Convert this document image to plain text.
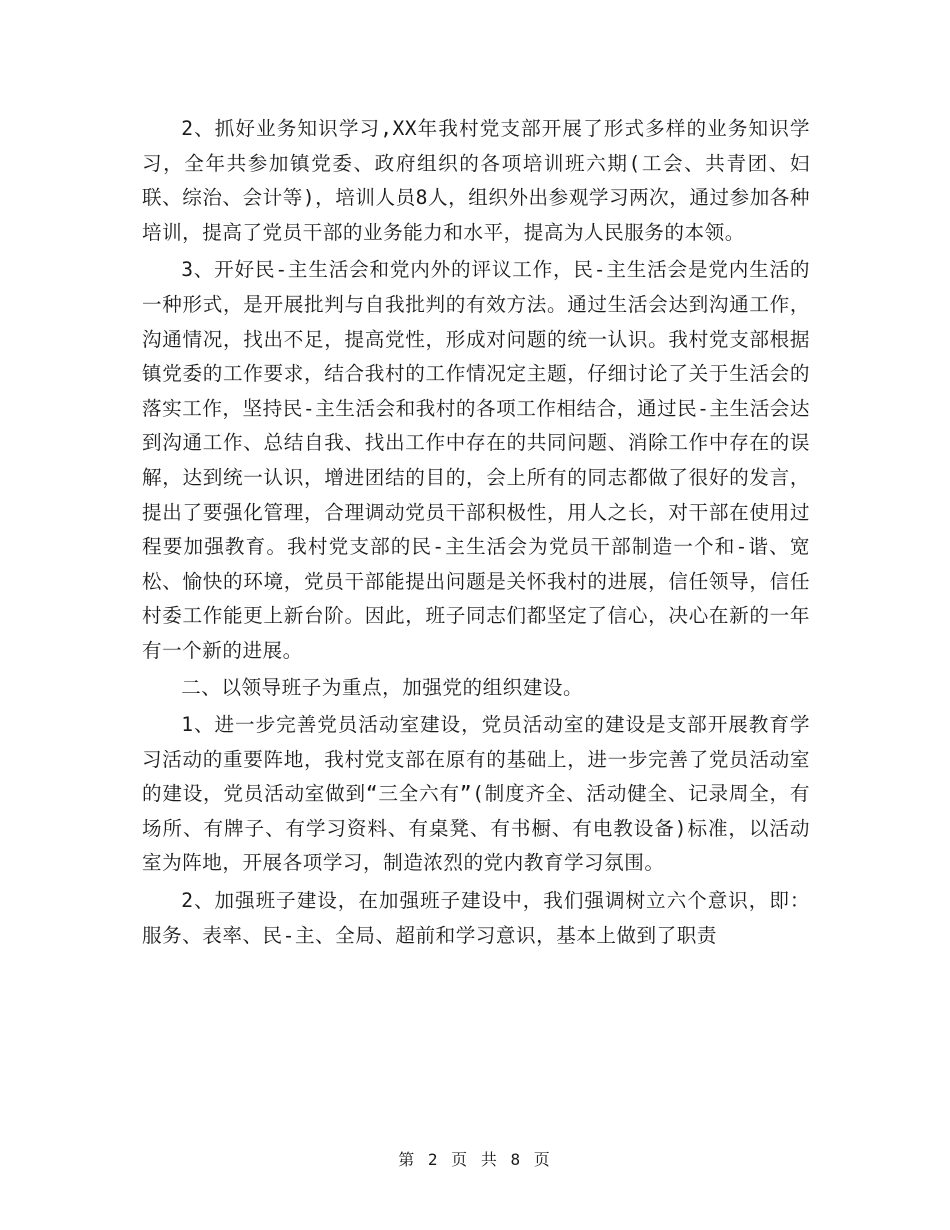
2、抓好业务知识学习,XX年我村党支部开展了形式多样的业务知识学习，全年共参加镇党委、政府组织的各项培训班六期(工会、共青团、妇联、综治、会计等)，培训人员8人，组织外出参观学习两次，通过参加各种培训，提高了党员干部的业务能力和水平，提高为人民服务的本领。

3、开好民-主生活会和党内外的评议工作，民-主生活会是党内生活的一种形式，是开展批判与自我批判的有效方法。通过生活会达到沟通工作，沟通情况，找出不足，提高党性，形成对问题的统一认识。我村党支部根据镇党委的工作要求，结合我村的工作情况定主题，仔细讨论了关于生活会的落实工作，坚持民-主生活会和我村的各项工作相结合，通过民-主生活会达到沟通工作、总结自我、找出工作中存在的共同问题、消除工作中存在的误解，达到统一认识，增进团结的目的，会上所有的同志都做了很好的发言，提出了要强化管理，合理调动党员干部积极性，用人之长，对干部在使用过程要加强教育。我村党支部的民-主生活会为党员干部制造一个和-谐、宽松、愉快的环境，党员干部能提出问题是关怀我村的进展，信任领导，信任村委工作能更上新台阶。因此，班子同志们都坚定了信心，决心在新的一年有一个新的进展。

二、以领导班子为重点，加强党的组织建设。

1、进一步完善党员活动室建设，党员活动室的建设是支部开展教育学习活动的重要阵地，我村党支部在原有的基础上，进一步完善了党员活动室的建设，党员活动室做到“三全六有”(制度齐全、活动健全、记录周全，有场所、有牌子、有学习资料、有桌凳、有书橱、有电教设备)标准，以活动室为阵地，开展各项学习，制造浓烈的党内教育学习氛围。

2、加强班子建设，在加强班子建设中，我们强调树立六个意识，即：服务、表率、民-主、全局、超前和学习意识，基本上做到了职责

第 2 页 共 8 页
